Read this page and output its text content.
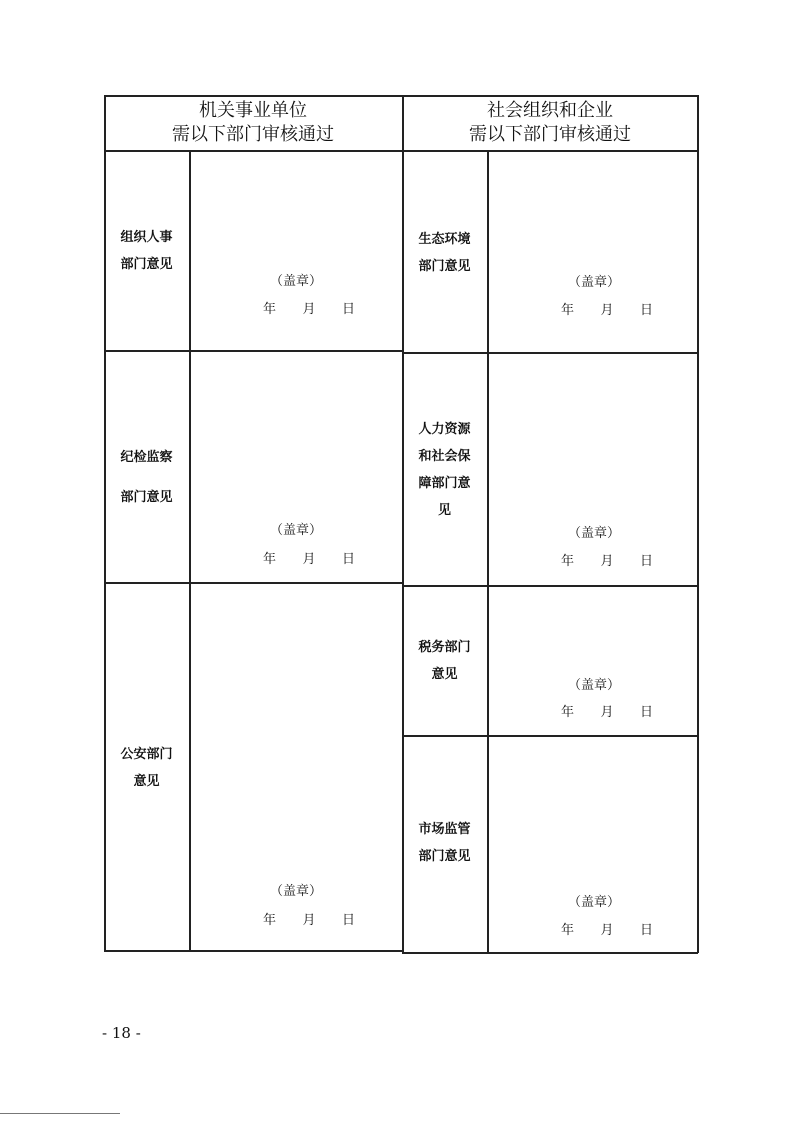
机关事业单位
需以下部门审核通过
社会组织和企业
需以下部门审核通过
组织人事
部门意见
纪检监察
部门意见
公安部门
意见
生态环境
部门意见
人力资源
和社会保
障部门意
见
税务部门
意见
市场监管
部门意见
（盖章）
年 月 日
（盖章）
年 月 日
（盖章）
年 月 日
（盖章）
年 月 日
（盖章）
年 月 日
（盖章）
年 月 日
（盖章）
年 月 日
- 18 -
